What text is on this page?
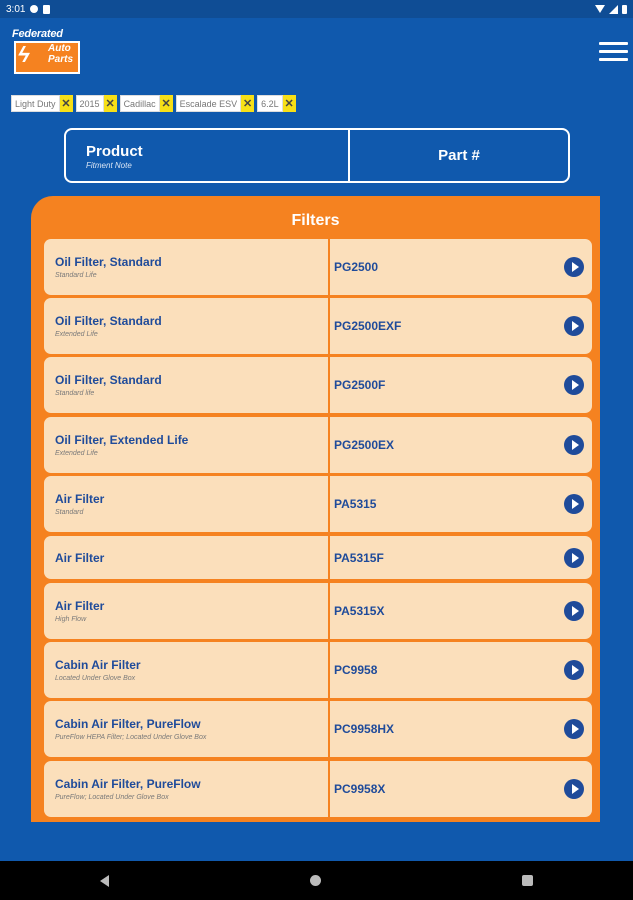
3:01
Federated
ϟ Auto
Parts
Light Duty ✕ 2015 ✕ Cadillac ✕ Escalade ESV ✕ 6.2L ✕
Product
Fitment Note
Part #
Filters
Oil Filter, Standard
Standard Life
PG2500
Oil Filter, Standard
Extended Life
PG2500EXF
Oil Filter, Standard
Standard life
PG2500F
Oil Filter, Extended Life
Extended Life
PG2500EX
Air Filter
Standard
PA5315
Air Filter	PA5315F
Air Filter
High Flow
PA5315X
Cabin Air Filter
Located Under Glove Box
PC9958
Cabin Air Filter, PureFlow
PureFlow HEPA Filter; Located Under Glove Box
PC9958HX
Cabin Air Filter, PureFlow
PureFlow; Located Under Glove Box
PC9958X
